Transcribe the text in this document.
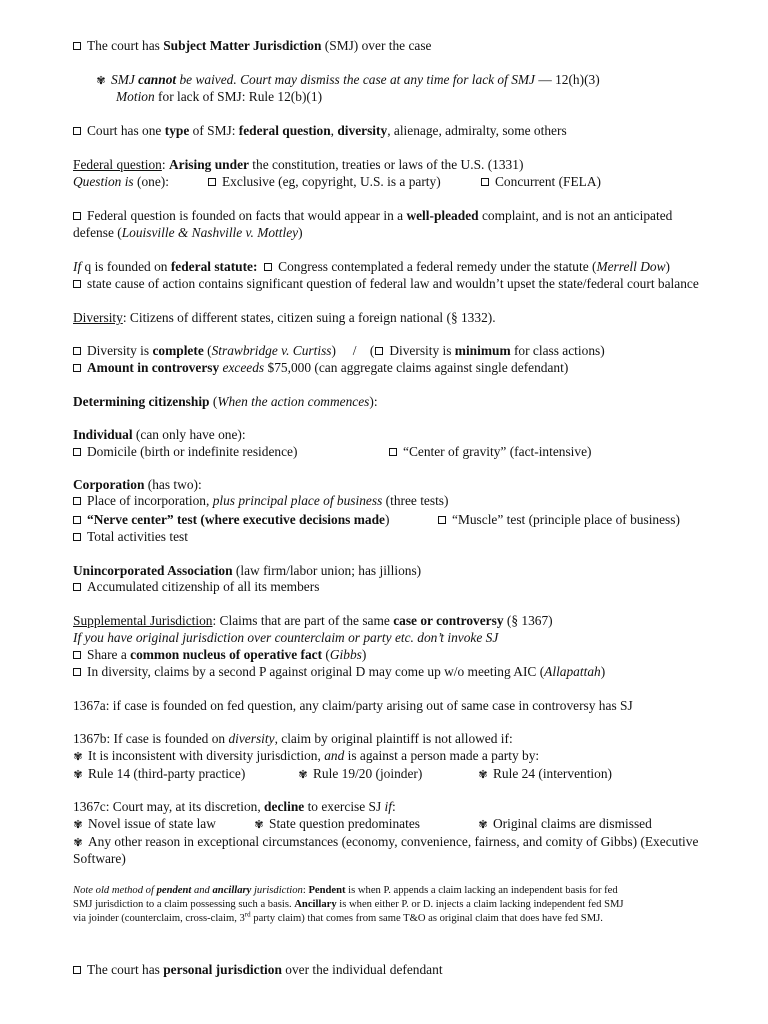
The court has Subject Matter Jurisdiction (SMJ) over the case
✾ SMJ cannot be waived. Court may dismiss the case at any time for lack of SMJ — 12(h)(3)
Motion for lack of SMJ: Rule 12(b)(1)
Court has one type of SMJ: federal question, diversity, alienage, admiralty, some others
Federal question: Arising under the constitution, treaties or laws of the U.S. (1331)
Question is (one):	Exclusive (eg, copyright, U.S. is a party)	Concurrent (FELA)
Federal question is founded on facts that would appear in a well-pleaded complaint, and is not an anticipated
defense (Louisville & Nashville v. Mottley)
If q is founded on federal statute: Congress contemplated a federal remedy under the statute (Merrell Dow)
state cause of action contains significant question of federal law and wouldn’t upset the state/federal court balance
Diversity: Citizens of different states, citizen suing a foreign national (§ 1332).
Diversity is complete (Strawbridge v. Curtiss) / ( Diversity is minimum for class actions)
Amount in controversy exceeds $75,000 (can aggregate claims against single defendant)
Determining citizenship (When the action commences):
Individual (can only have one):
Domicile (birth or indefinite residence)	“Center of gravity” (fact-intensive)
Corporation (has two):
Place of incorporation, plus principal place of business (three tests)
“Nerve center” test (where executive decisions made)	“Muscle” test (principle place of business)
Total activities test
Unincorporated Association (law firm/labor union; has jillions)
Accumulated citizenship of all its members
Supplemental Jurisdiction: Claims that are part of the same case or controversy (§ 1367)
If you have original jurisdiction over counterclaim or party etc. don’t invoke SJ
Share a common nucleus of operative fact (Gibbs)
In diversity, claims by a second P against original D may come up w/o meeting AIC (Allapattah)
1367a: if case is founded on fed question, any claim/party arising out of same case in controversy has SJ
1367b: If case is founded on diversity, claim by original plaintiff is not allowed if:
✾ It is inconsistent with diversity jurisdiction, and is against a person made a party by:
✾ Rule 14 (third-party practice)	✾ Rule 19/20 (joinder)	✾ Rule 24 (intervention)
1367c: Court may, at its discretion, decline to exercise SJ if:
✾ Novel issue of state law	✾ State question predominates	✾ Original claims are dismissed
✾ Any other reason in exceptional circumstances (economy, convenience, fairness, and comity of Gibbs) (Executive
Software)
Note old method of pendent and ancillary jurisdiction: Pendent is when P. appends a claim lacking an independent basis for fed
SMJ jurisdiction to a claim possessing such a basis. Ancillary is when either P. or D. injects a claim lacking independent fed SMJ
via joinder (counterclaim, cross-claim, 3rd party claim) that comes from same T&O as original claim that does have fed SMJ.
The court has personal jurisdiction over the individual defendant
